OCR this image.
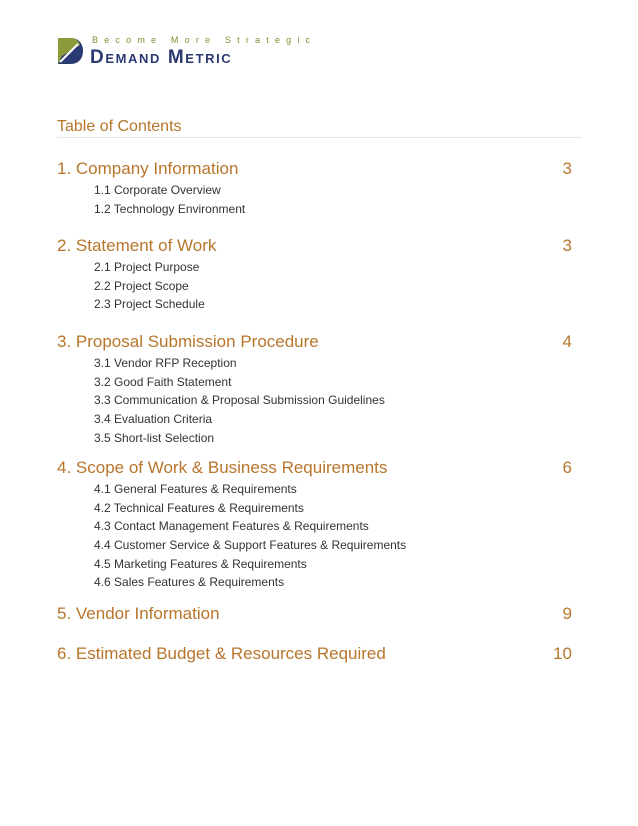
Become More Strategic
Demand Metric
Table of Contents
1. Company Information	3
1.1 Corporate Overview
1.2 Technology Environment
2. Statement of Work	3
2.1 Project Purpose
2.2 Project Scope
2.3 Project Schedule
3. Proposal Submission Procedure	4
3.1 Vendor RFP Reception
3.2 Good Faith Statement
3.3 Communication & Proposal Submission Guidelines
3.4 Evaluation Criteria
3.5 Short-list Selection
4. Scope of Work & Business Requirements	6
4.1 General Features & Requirements
4.2 Technical Features & Requirements
4.3 Contact Management Features & Requirements
4.4 Customer Service & Support Features & Requirements
4.5 Marketing Features & Requirements
4.6 Sales Features & Requirements
5. Vendor Information	9
6. Estimated Budget & Resources Required	10
